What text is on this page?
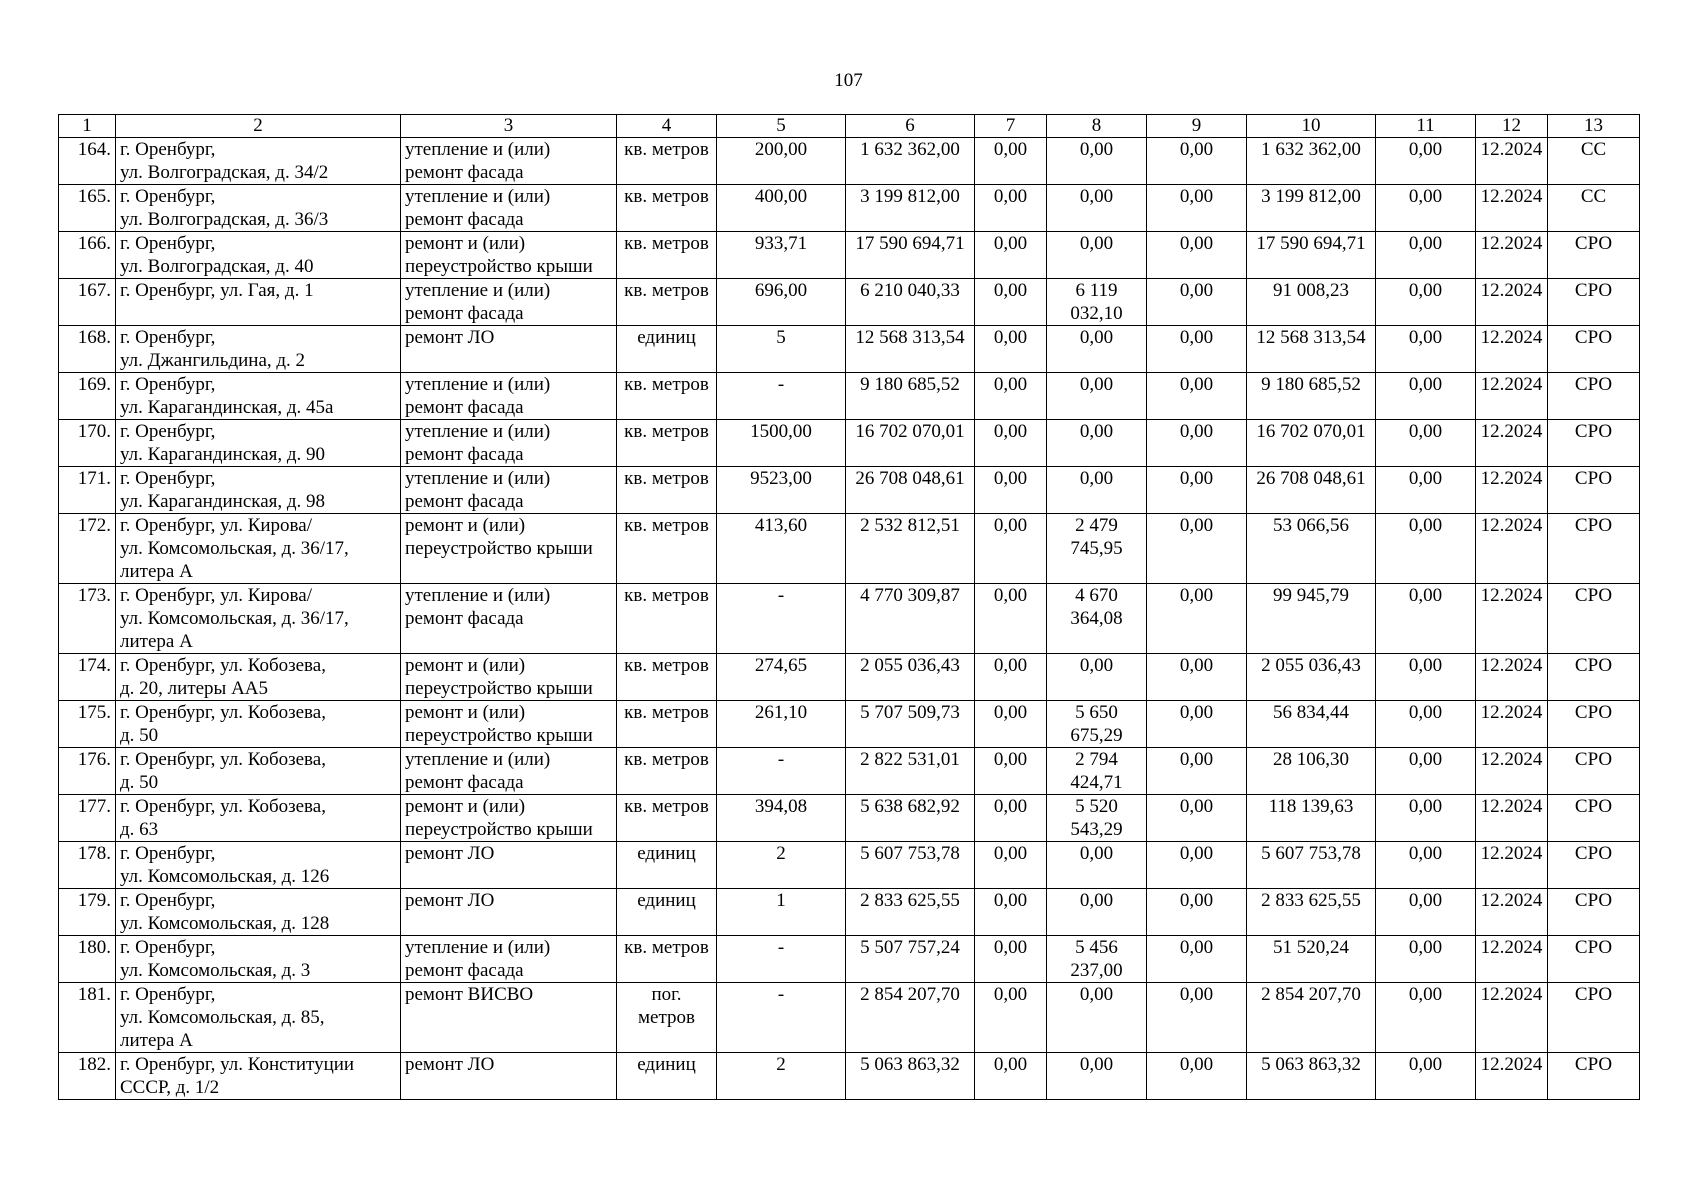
107
1	2	3	4	5	6	7	8	9	10	11	12	13
164.	г. Оренбург,
ул. Волгоградская, д. 34/2	утепление и (или)
ремонт фасада	кв. метров	200,00	1 632 362,00	0,00	0,00	0,00	1 632 362,00	0,00	12.2024	СС
165.	г. Оренбург,
ул. Волгоградская, д. 36/3	утепление и (или)
ремонт фасада	кв. метров	400,00	3 199 812,00	0,00	0,00	0,00	3 199 812,00	0,00	12.2024	СС
166.	г. Оренбург,
ул. Волгоградская, д. 40	ремонт и (или)
переустройство крыши	кв. метров	933,71	17 590 694,71	0,00	0,00	0,00	17 590 694,71	0,00	12.2024	СРО
167.	г. Оренбург, ул. Гая, д. 1	утепление и (или)
ремонт фасада	кв. метров	696,00	6 210 040,33	0,00	6 119 032,10	0,00	91 008,23	0,00	12.2024	СРО
168.	г. Оренбург,
ул. Джангильдина, д. 2	ремонт ЛО	единиц	5	12 568 313,54	0,00	0,00	0,00	12 568 313,54	0,00	12.2024	СРО
169.	г. Оренбург,
ул. Карагандинская, д. 45а	утепление и (или)
ремонт фасада	кв. метров	-	9 180 685,52	0,00	0,00	0,00	9 180 685,52	0,00	12.2024	СРО
170.	г. Оренбург,
ул. Карагандинская, д. 90	утепление и (или)
ремонт фасада	кв. метров	1500,00	16 702 070,01	0,00	0,00	0,00	16 702 070,01	0,00	12.2024	СРО
171.	г. Оренбург,
ул. Карагандинская, д. 98	утепление и (или)
ремонт фасада	кв. метров	9523,00	26 708 048,61	0,00	0,00	0,00	26 708 048,61	0,00	12.2024	СРО
172.	г. Оренбург, ул. Кирова/
ул. Комсомольская, д. 36/17,
литера А	ремонт и (или)
переустройство крыши	кв. метров	413,60	2 532 812,51	0,00	2 479 745,95	0,00	53 066,56	0,00	12.2024	СРО
173.	г. Оренбург, ул. Кирова/
ул. Комсомольская, д. 36/17,
литера А	утепление и (или)
ремонт фасада	кв. метров	-	4 770 309,87	0,00	4 670 364,08	0,00	99 945,79	0,00	12.2024	СРО
174.	г. Оренбург, ул. Кобозева,
д. 20, литеры АА5	ремонт и (или)
переустройство крыши	кв. метров	274,65	2 055 036,43	0,00	0,00	0,00	2 055 036,43	0,00	12.2024	СРО
175.	г. Оренбург, ул. Кобозева,
д. 50	ремонт и (или)
переустройство крыши	кв. метров	261,10	5 707 509,73	0,00	5 650 675,29	0,00	56 834,44	0,00	12.2024	СРО
176.	г. Оренбург, ул. Кобозева,
д. 50	утепление и (или)
ремонт фасада	кв. метров	-	2 822 531,01	0,00	2 794 424,71	0,00	28 106,30	0,00	12.2024	СРО
177.	г. Оренбург, ул. Кобозева,
д. 63	ремонт и (или)
переустройство крыши	кв. метров	394,08	5 638 682,92	0,00	5 520 543,29	0,00	118 139,63	0,00	12.2024	СРО
178.	г. Оренбург,
ул. Комсомольская, д. 126	ремонт ЛО	единиц	2	5 607 753,78	0,00	0,00	0,00	5 607 753,78	0,00	12.2024	СРО
179.	г. Оренбург,
ул. Комсомольская, д. 128	ремонт ЛО	единиц	1	2 833 625,55	0,00	0,00	0,00	2 833 625,55	0,00	12.2024	СРО
180.	г. Оренбург,
ул. Комсомольская, д. 3	утепление и (или)
ремонт фасада	кв. метров	-	5 507 757,24	0,00	5 456 237,00	0,00	51 520,24	0,00	12.2024	СРО
181.	г. Оренбург,
ул. Комсомольская, д. 85,
литера А	ремонт ВИСВО	пог.
метров	-	2 854 207,70	0,00	0,00	0,00	2 854 207,70	0,00	12.2024	СРО
182.	г. Оренбург, ул. Конституции
СССР, д. 1/2	ремонт ЛО	единиц	2	5 063 863,32	0,00	0,00	0,00	5 063 863,32	0,00	12.2024	СРО
